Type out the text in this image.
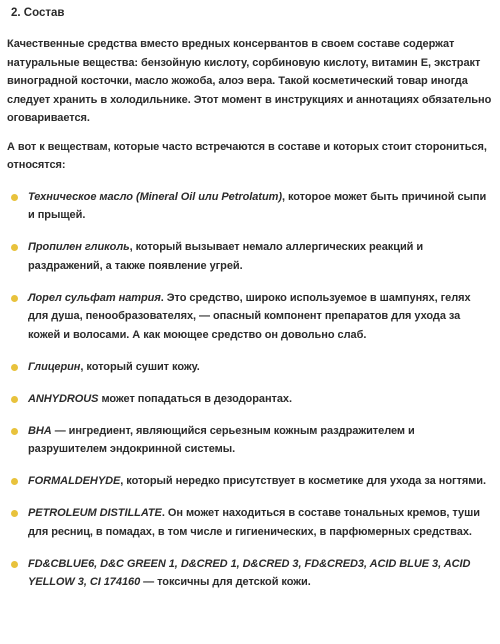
2. Состав

Качественные средства вместо вредных консервантов в своем составе содержат натуральные вещества: бензойную кислоту, сорбиновую кислоту, витамин Е, экстракт виноградной косточки, масло жожоба, алоэ вера. Такой косметический товар иногда следует хранить в холодильнике. Этот момент в инструкциях и аннотациях обязательно оговаривается.

А вот к веществам, которые часто встречаются в составе и которых стоит сторониться, относятся:

Техническое масло (Mineral Oil или Petrolatum), которое может быть причиной сыпи и прыщей.
Пропилен гликоль, который вызывает немало аллергических реакций и раздражений, а также появление угрей.
Лорел сульфат натрия. Это средство, широко используемое в шампунях, гелях для душа, пенообразователях, — опасный компонент препаратов для ухода за кожей и волосами. А как моющее средство он довольно слаб.
Глицерин, который сушит кожу.
ANHYDROUS может попадаться в дезодорантах.
BHA — ингредиент, являющийся серьезным кожным раздражителем и разрушителем эндокринной системы.
FORMALDEHYDE, который нередко присутствует в косметике для ухода за ногтями.
PETROLEUM DISTILLATE. Он может находиться в составе тональных кремов, туши для ресниц, в помадах, в том числе и гигиенических, в парфюмерных средствах.
FD&CBLUE6, D&C GREEN 1, D&CRED 1, D&CRED 3, FD&CRED3, ACID BLUE 3, ACID YELLOW 3, CI 174160 — токсичны для детской кожи.
